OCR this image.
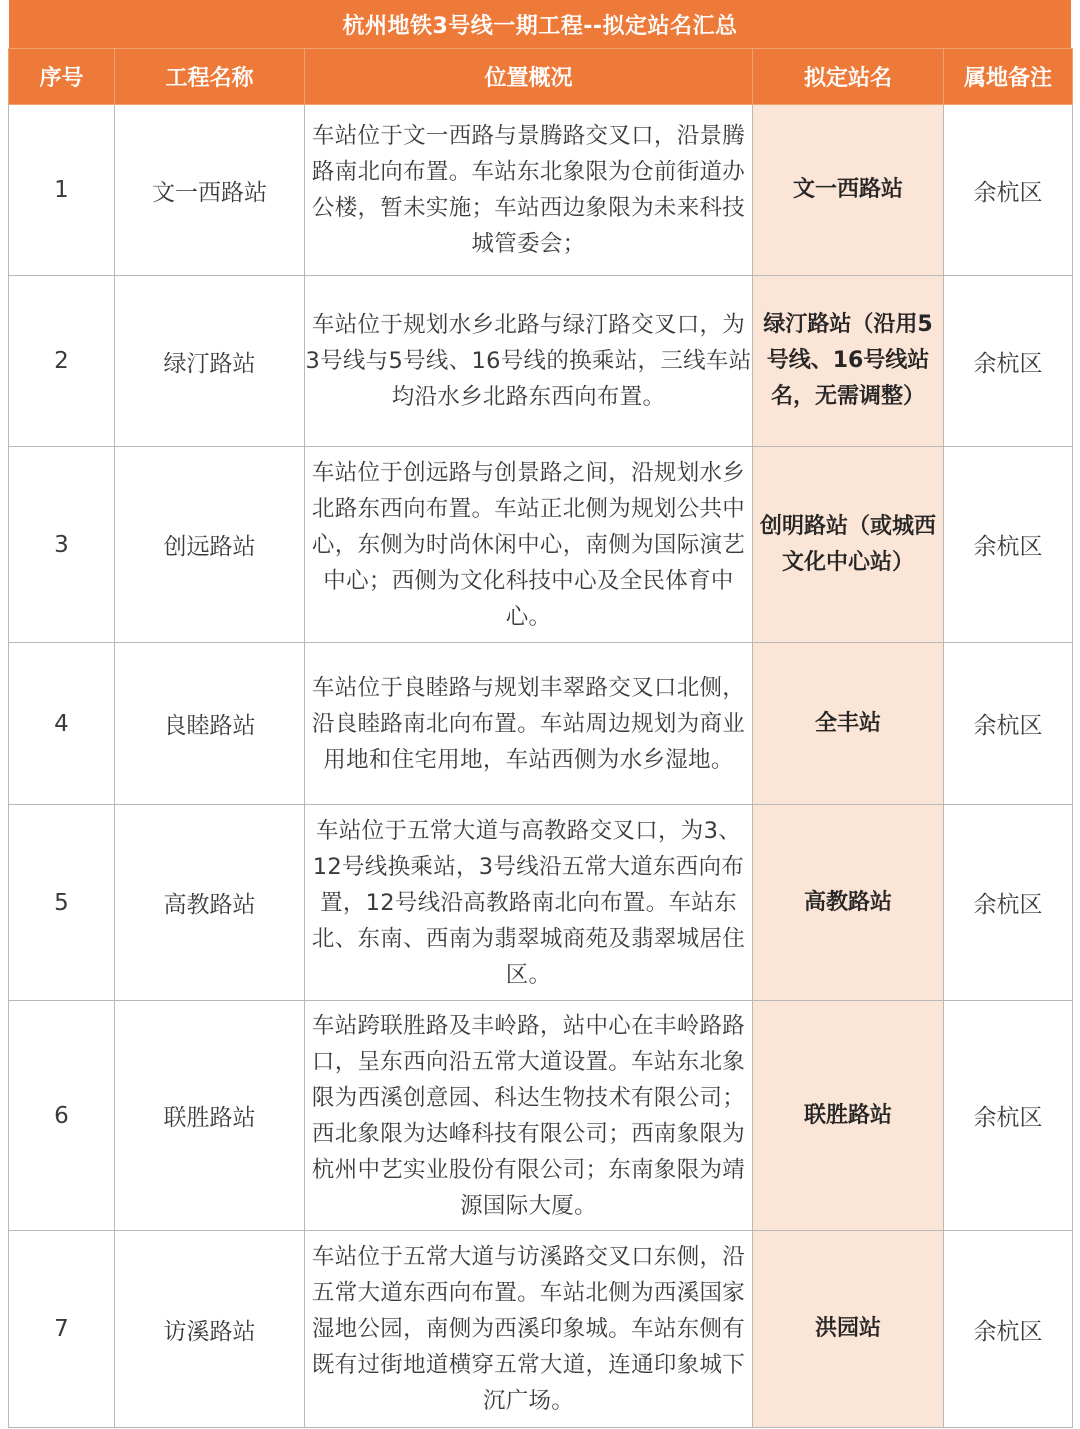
杭州地铁3号线一期工程--拟定站名汇总
序号	工程名称	位置概况	拟定站名	属地备注
1	文一西路站	车站位于文一西路与景腾路交叉口，沿景腾路南北向布置。车站东北象限为仓前街道办公楼，暂未实施；车站西边象限为未来科技城管委会；	文一西路站	余杭区
2	绿汀路站	车站位于规划水乡北路与绿汀路交叉口，为3号线与5号线、16号线的换乘站，三线车站均沿水乡北路东西向布置。	绿汀路站（沿用5号线、16号线站名，无需调整）	余杭区
3	创远路站	车站位于创远路与创景路之间，沿规划水乡北路东西向布置。车站正北侧为规划公共中心，东侧为时尚休闲中心，南侧为国际演艺中心；西侧为文化科技中心及全民体育中心。	创明路站（或城西文化中心站）	余杭区
4	良睦路站	车站位于良睦路与规划丰翠路交叉口北侧，沿良睦路南北向布置。车站周边规划为商业用地和住宅用地，车站西侧为水乡湿地。	全丰站	余杭区
5	高教路站	车站位于五常大道与高教路交叉口，为3、12号线换乘站，3号线沿五常大道东西向布置，12号线沿高教路南北向布置。车站东北、东南、西南为翡翠城商苑及翡翠城居住区。	高教路站	余杭区
6	联胜路站	车站跨联胜路及丰岭路，站中心在丰岭路路口，呈东西向沿五常大道设置。车站东北象限为西溪创意园、科达生物技术有限公司；西北象限为达峰科技有限公司；西南象限为杭州中艺实业股份有限公司；东南象限为靖源国际大厦。	联胜路站	余杭区
7	访溪路站	车站位于五常大道与访溪路交叉口东侧，沿五常大道东西向布置。车站北侧为西溪国家湿地公园，南侧为西溪印象城。车站东侧有既有过街地道横穿五常大道，连通印象城下沉广场。	洪园站	余杭区
